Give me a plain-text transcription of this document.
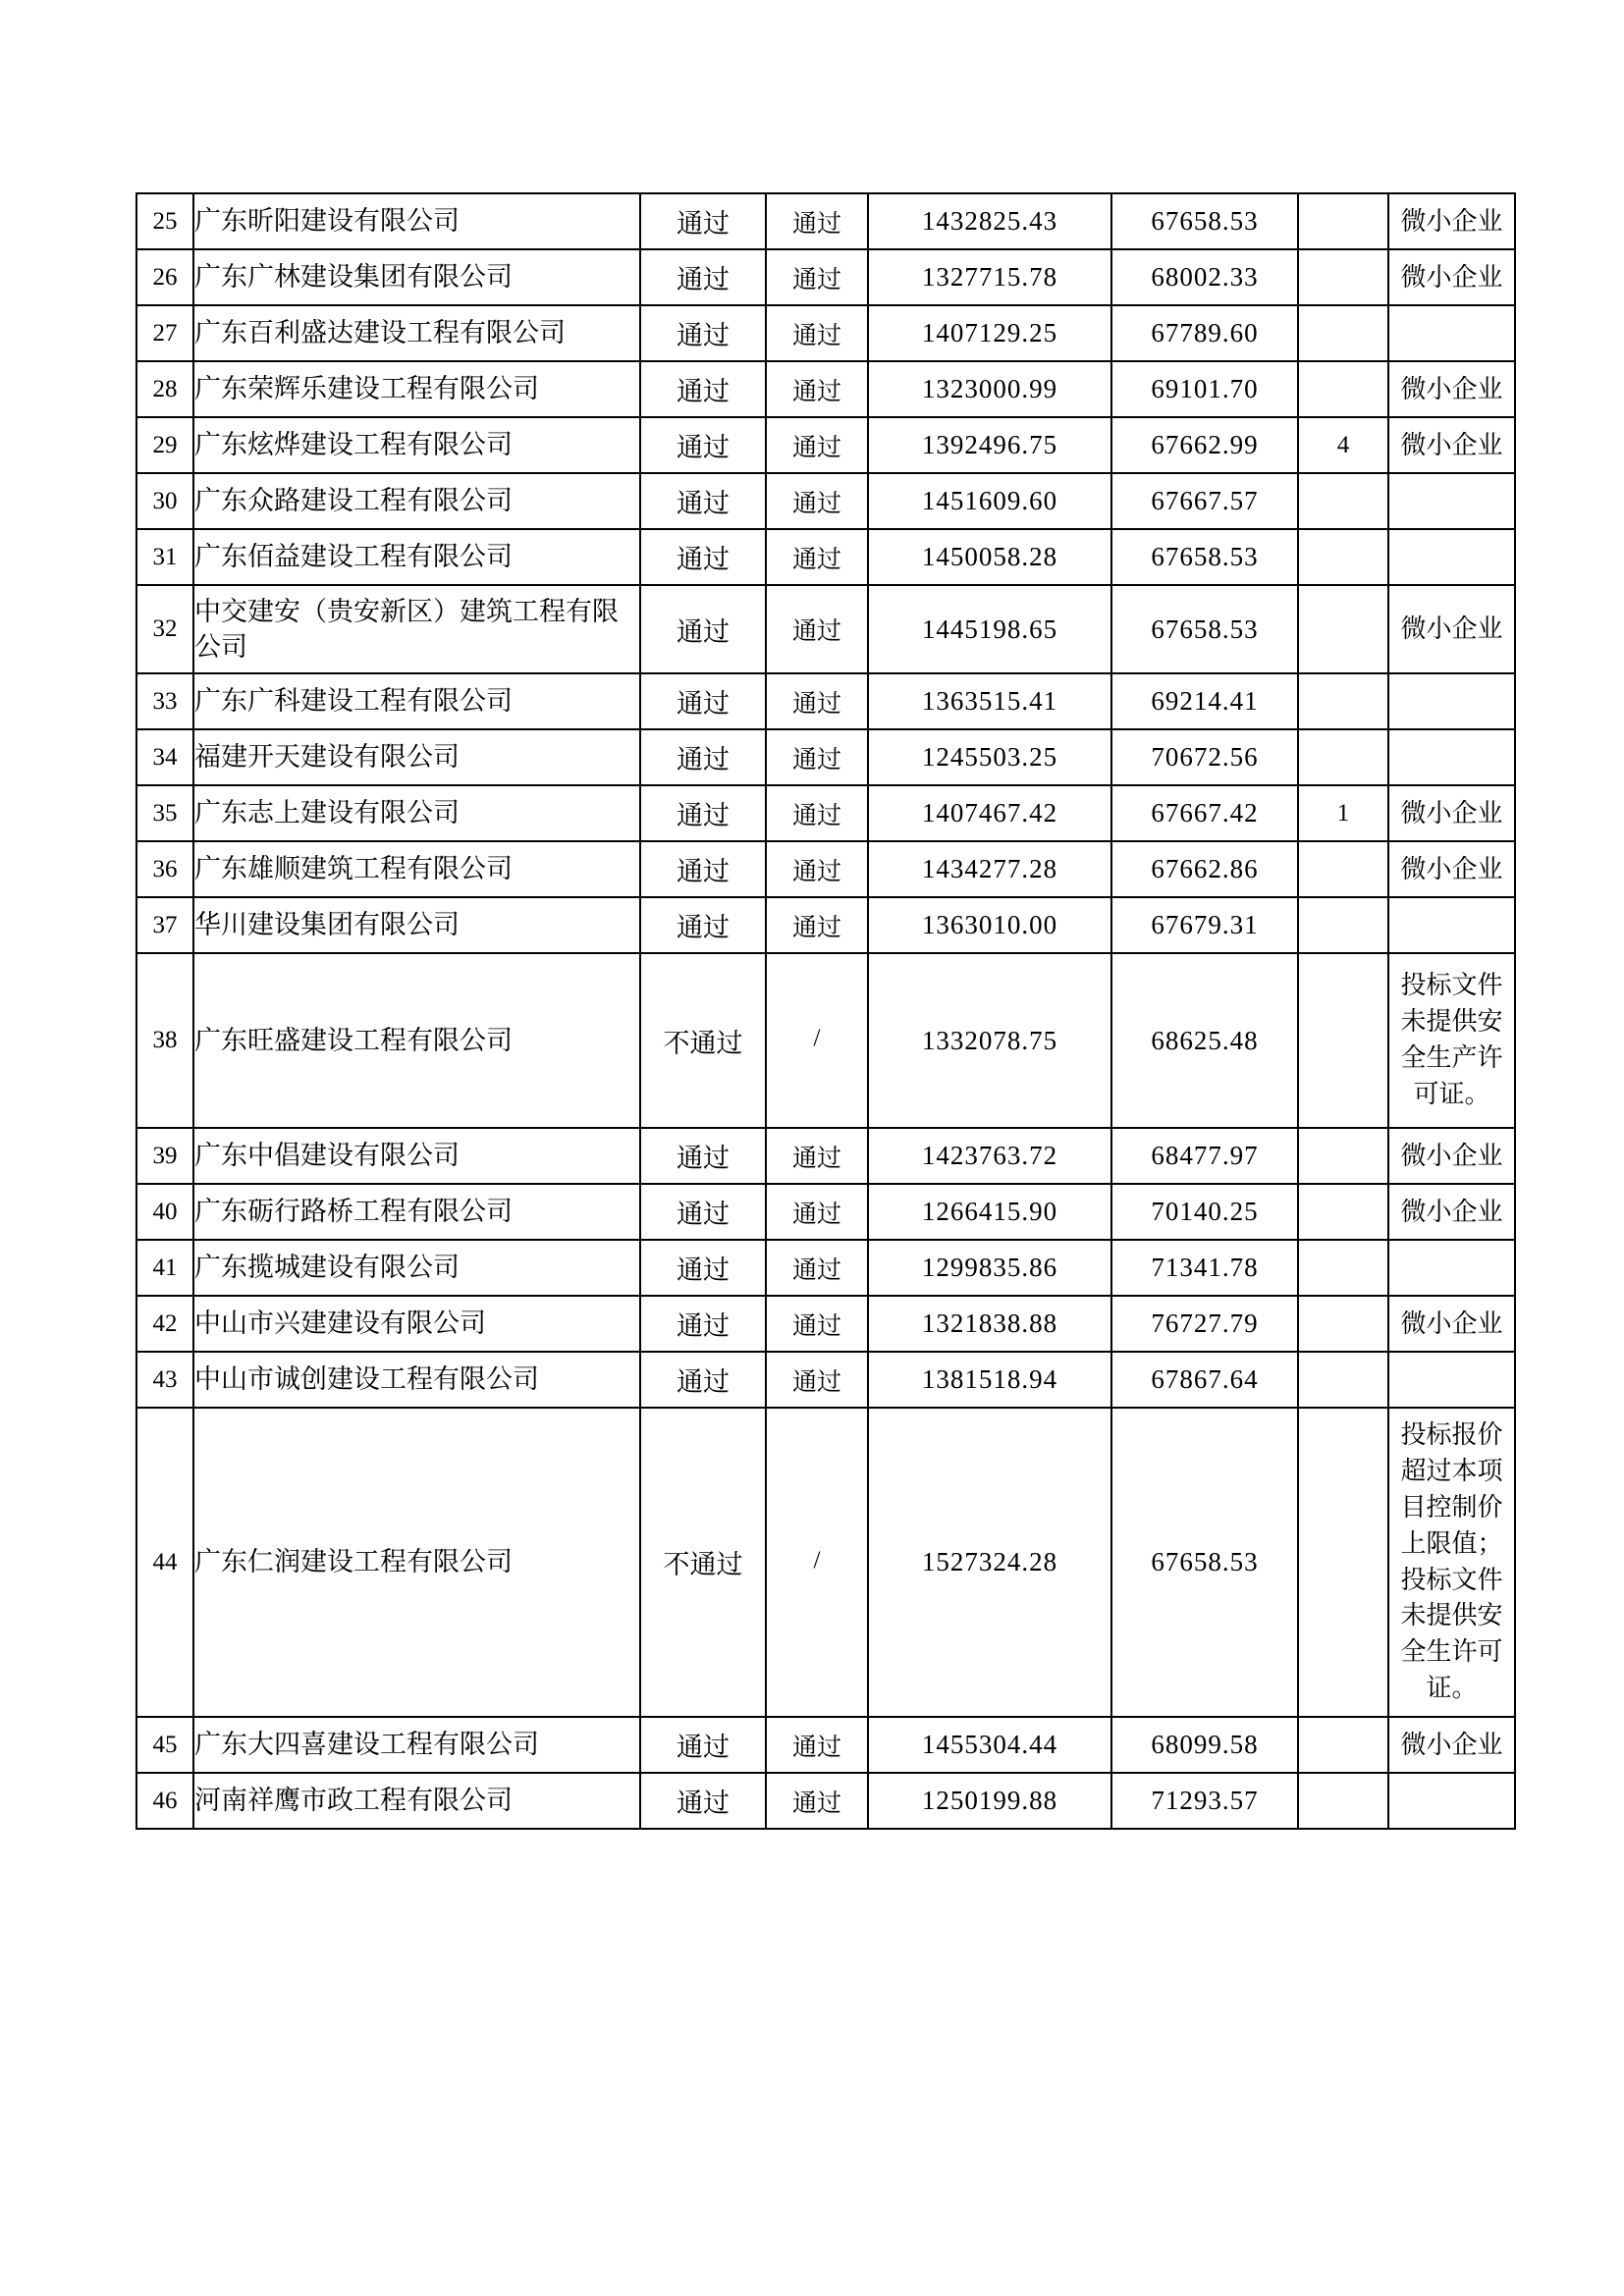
25	广东昕阳建设有限公司	通过	通过	1432825.43	67658.53		微小企业
26	广东广林建设集团有限公司	通过	通过	1327715.78	68002.33		微小企业
27	广东百利盛达建设工程有限公司	通过	通过	1407129.25	67789.60		
28	广东荣辉乐建设工程有限公司	通过	通过	1323000.99	69101.70		微小企业
29	广东炫烨建设工程有限公司	通过	通过	1392496.75	67662.99	4	微小企业
30	广东众路建设工程有限公司	通过	通过	1451609.60	67667.57		
31	广东佰益建设工程有限公司	通过	通过	1450058.28	67658.53		
32	中交建安（贵安新区）建筑工程有限公司	通过	通过	1445198.65	67658.53		微小企业
33	广东广科建设工程有限公司	通过	通过	1363515.41	69214.41		
34	福建开天建设有限公司	通过	通过	1245503.25	70672.56		
35	广东志上建设有限公司	通过	通过	1407467.42	67667.42	1	微小企业
36	广东雄顺建筑工程有限公司	通过	通过	1434277.28	67662.86		微小企业
37	华川建设集团有限公司	通过	通过	1363010.00	67679.31		
38	广东旺盛建设工程有限公司	不通过	/	1332078.75	68625.48		投标文件未提供安全生产许可证。
39	广东中倡建设有限公司	通过	通过	1423763.72	68477.97		微小企业
40	广东砺行路桥工程有限公司	通过	通过	1266415.90	70140.25		微小企业
41	广东揽城建设有限公司	通过	通过	1299835.86	71341.78		
42	中山市兴建建设有限公司	通过	通过	1321838.88	76727.79		微小企业
43	中山市诚创建设工程有限公司	通过	通过	1381518.94	67867.64		
44	广东仁润建设工程有限公司	不通过	/	1527324.28	67658.53		投标报价超过本项目控制价上限值；投标文件未提供安全生许可证。
45	广东大四喜建设工程有限公司	通过	通过	1455304.44	68099.58		微小企业
46	河南祥鹰市政工程有限公司	通过	通过	1250199.88	71293.57		
